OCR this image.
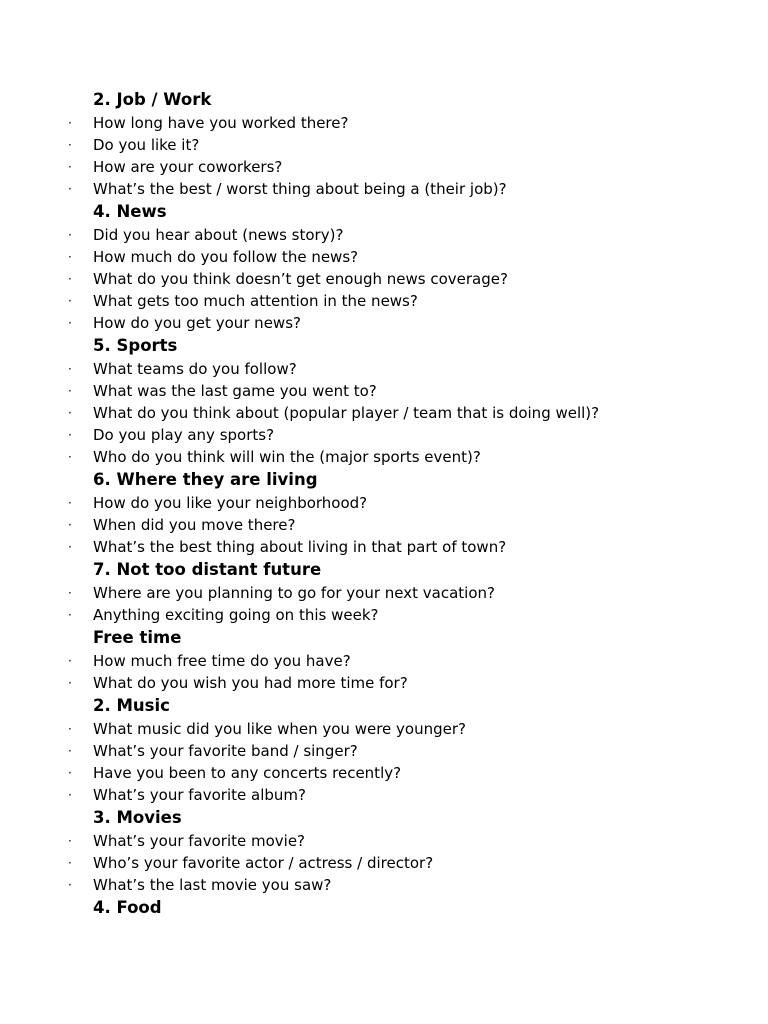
2. Job / Work
· How long have you worked there?
· Do you like it?
· How are your coworkers?
· What’s the best / worst thing about being a (their job)?
4. News
· Did you hear about (news story)?
· How much do you follow the news?
· What do you think doesn’t get enough news coverage?
· What gets too much attention in the news?
· How do you get your news?
5. Sports
· What teams do you follow?
· What was the last game you went to?
· What do you think about (popular player / team that is doing well)?
· Do you play any sports?
· Who do you think will win the (major sports event)?
6. Where they are living
· How do you like your neighborhood?
· When did you move there?
· What’s the best thing about living in that part of town?
7. Not too distant future
· Where are you planning to go for your next vacation?
· Anything exciting going on this week?
Free time
· How much free time do you have?
· What do you wish you had more time for?
2. Music
· What music did you like when you were younger?
· What’s your favorite band / singer?
· Have you been to any concerts recently?
· What’s your favorite album?
3. Movies
· What’s your favorite movie?
· Who’s your favorite actor / actress / director?
· What’s the last movie you saw?
4. Food
